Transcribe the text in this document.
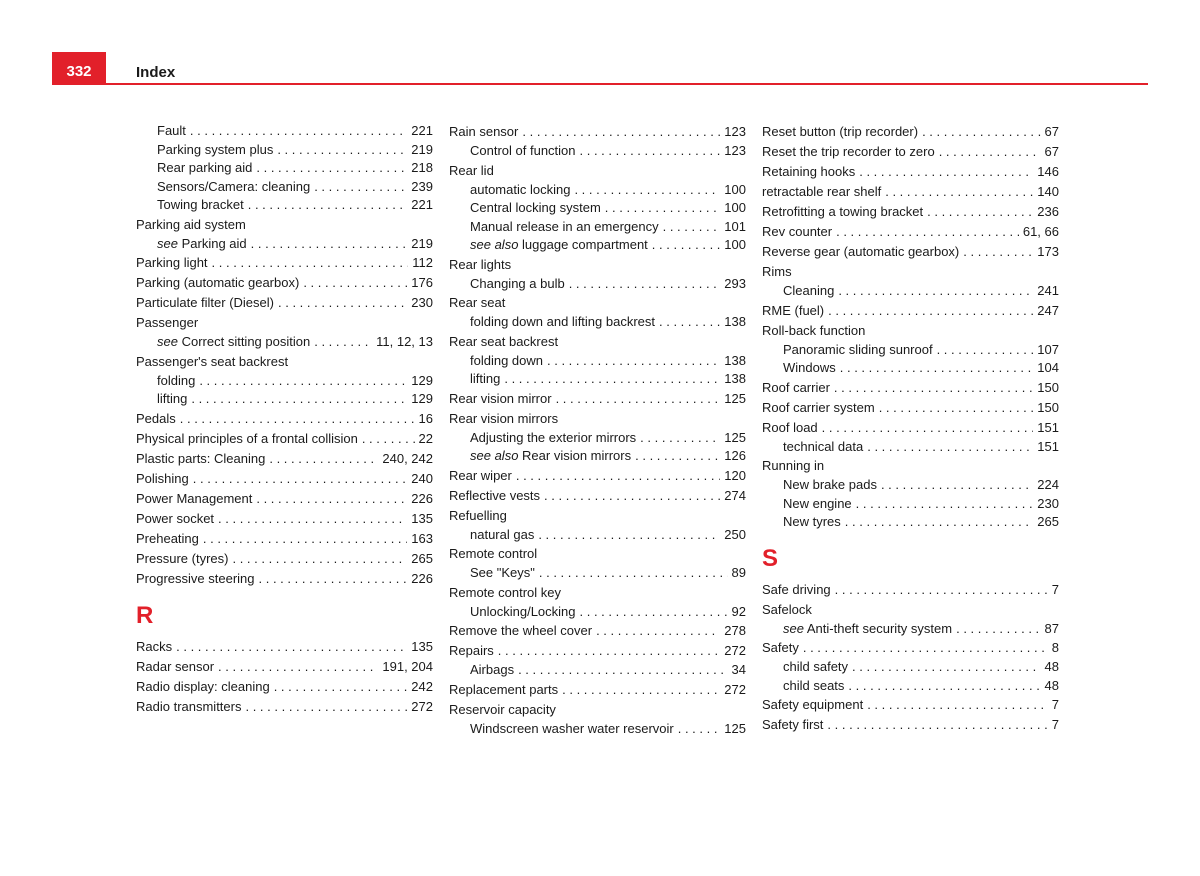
332	Index
Fault . . .	221
Parking system plus . . .	219
Rear parking aid . . .	218
Sensors/Camera: cleaning . . .	239
Towing bracket . . .	221
Parking aid system
see Parking aid . . .	219
Parking light . . .	112
Parking (automatic gearbox) . . .	176
Particulate filter (Diesel) . . .	230
Passenger
see Correct sitting position . . .	11, 12, 13
Passenger's seat backrest
folding . . .	129
lifting . . .	129
Pedals . . .	16
Physical principles of a frontal collision . . .	22
Plastic parts: Cleaning . . .	240, 242
Polishing . . .	240
Power Management . . .	226
Power socket . . .	135
Preheating . . .	163
Pressure (tyres) . . .	265
Progressive steering . . .	226
R
Racks . . .	135
Radar sensor . . .	191, 204
Radio display: cleaning . . .	242
Radio transmitters . . .	272
Rain sensor . . .	123
Control of function . . .	123
Rear lid
automatic locking . . .	100
Central locking system . . .	100
Manual release in an emergency . . .	101
see also luggage compartment . . .	100
Rear lights
Changing a bulb . . .	293
Rear seat
folding down and lifting backrest . . .	138
Rear seat backrest
folding down . . .	138
lifting . . .	138
Rear vision mirror . . .	125
Rear vision mirrors
Adjusting the exterior mirrors . . .	125
see also Rear vision mirrors . . .	126
Rear wiper . . .	120
Reflective vests . . .	274
Refuelling
natural gas . . .	250
Remote control
See "Keys" . . .	89
Remote control key
Unlocking/Locking . . .	92
Remove the wheel cover . . .	278
Repairs . . .	272
Airbags . . .	34
Replacement parts . . .	272
Reservoir capacity
Windscreen washer water reservoir . . .	125
Reset button (trip recorder) . . .	67
Reset the trip recorder to zero . . .	67
Retaining hooks . . .	146
retractable rear shelf . . .	140
Retrofitting a towing bracket . . .	236
Rev counter . . .	61, 66
Reverse gear (automatic gearbox) . . .	173
Rims
Cleaning . . .	241
RME (fuel) . . .	247
Roll-back function
Panoramic sliding sunroof . . .	107
Windows . . .	104
Roof carrier . . .	150
Roof carrier system . . .	150
Roof load . . .	151
technical data . . .	151
Running in
New brake pads . . .	224
New engine . . .	230
New tyres . . .	265
S
Safe driving . . .	7
Safelock
see Anti-theft security system . . .	87
Safety . . .	8
child safety . . .	48
child seats . . .	48
Safety equipment . . .	7
Safety first . . .	7
